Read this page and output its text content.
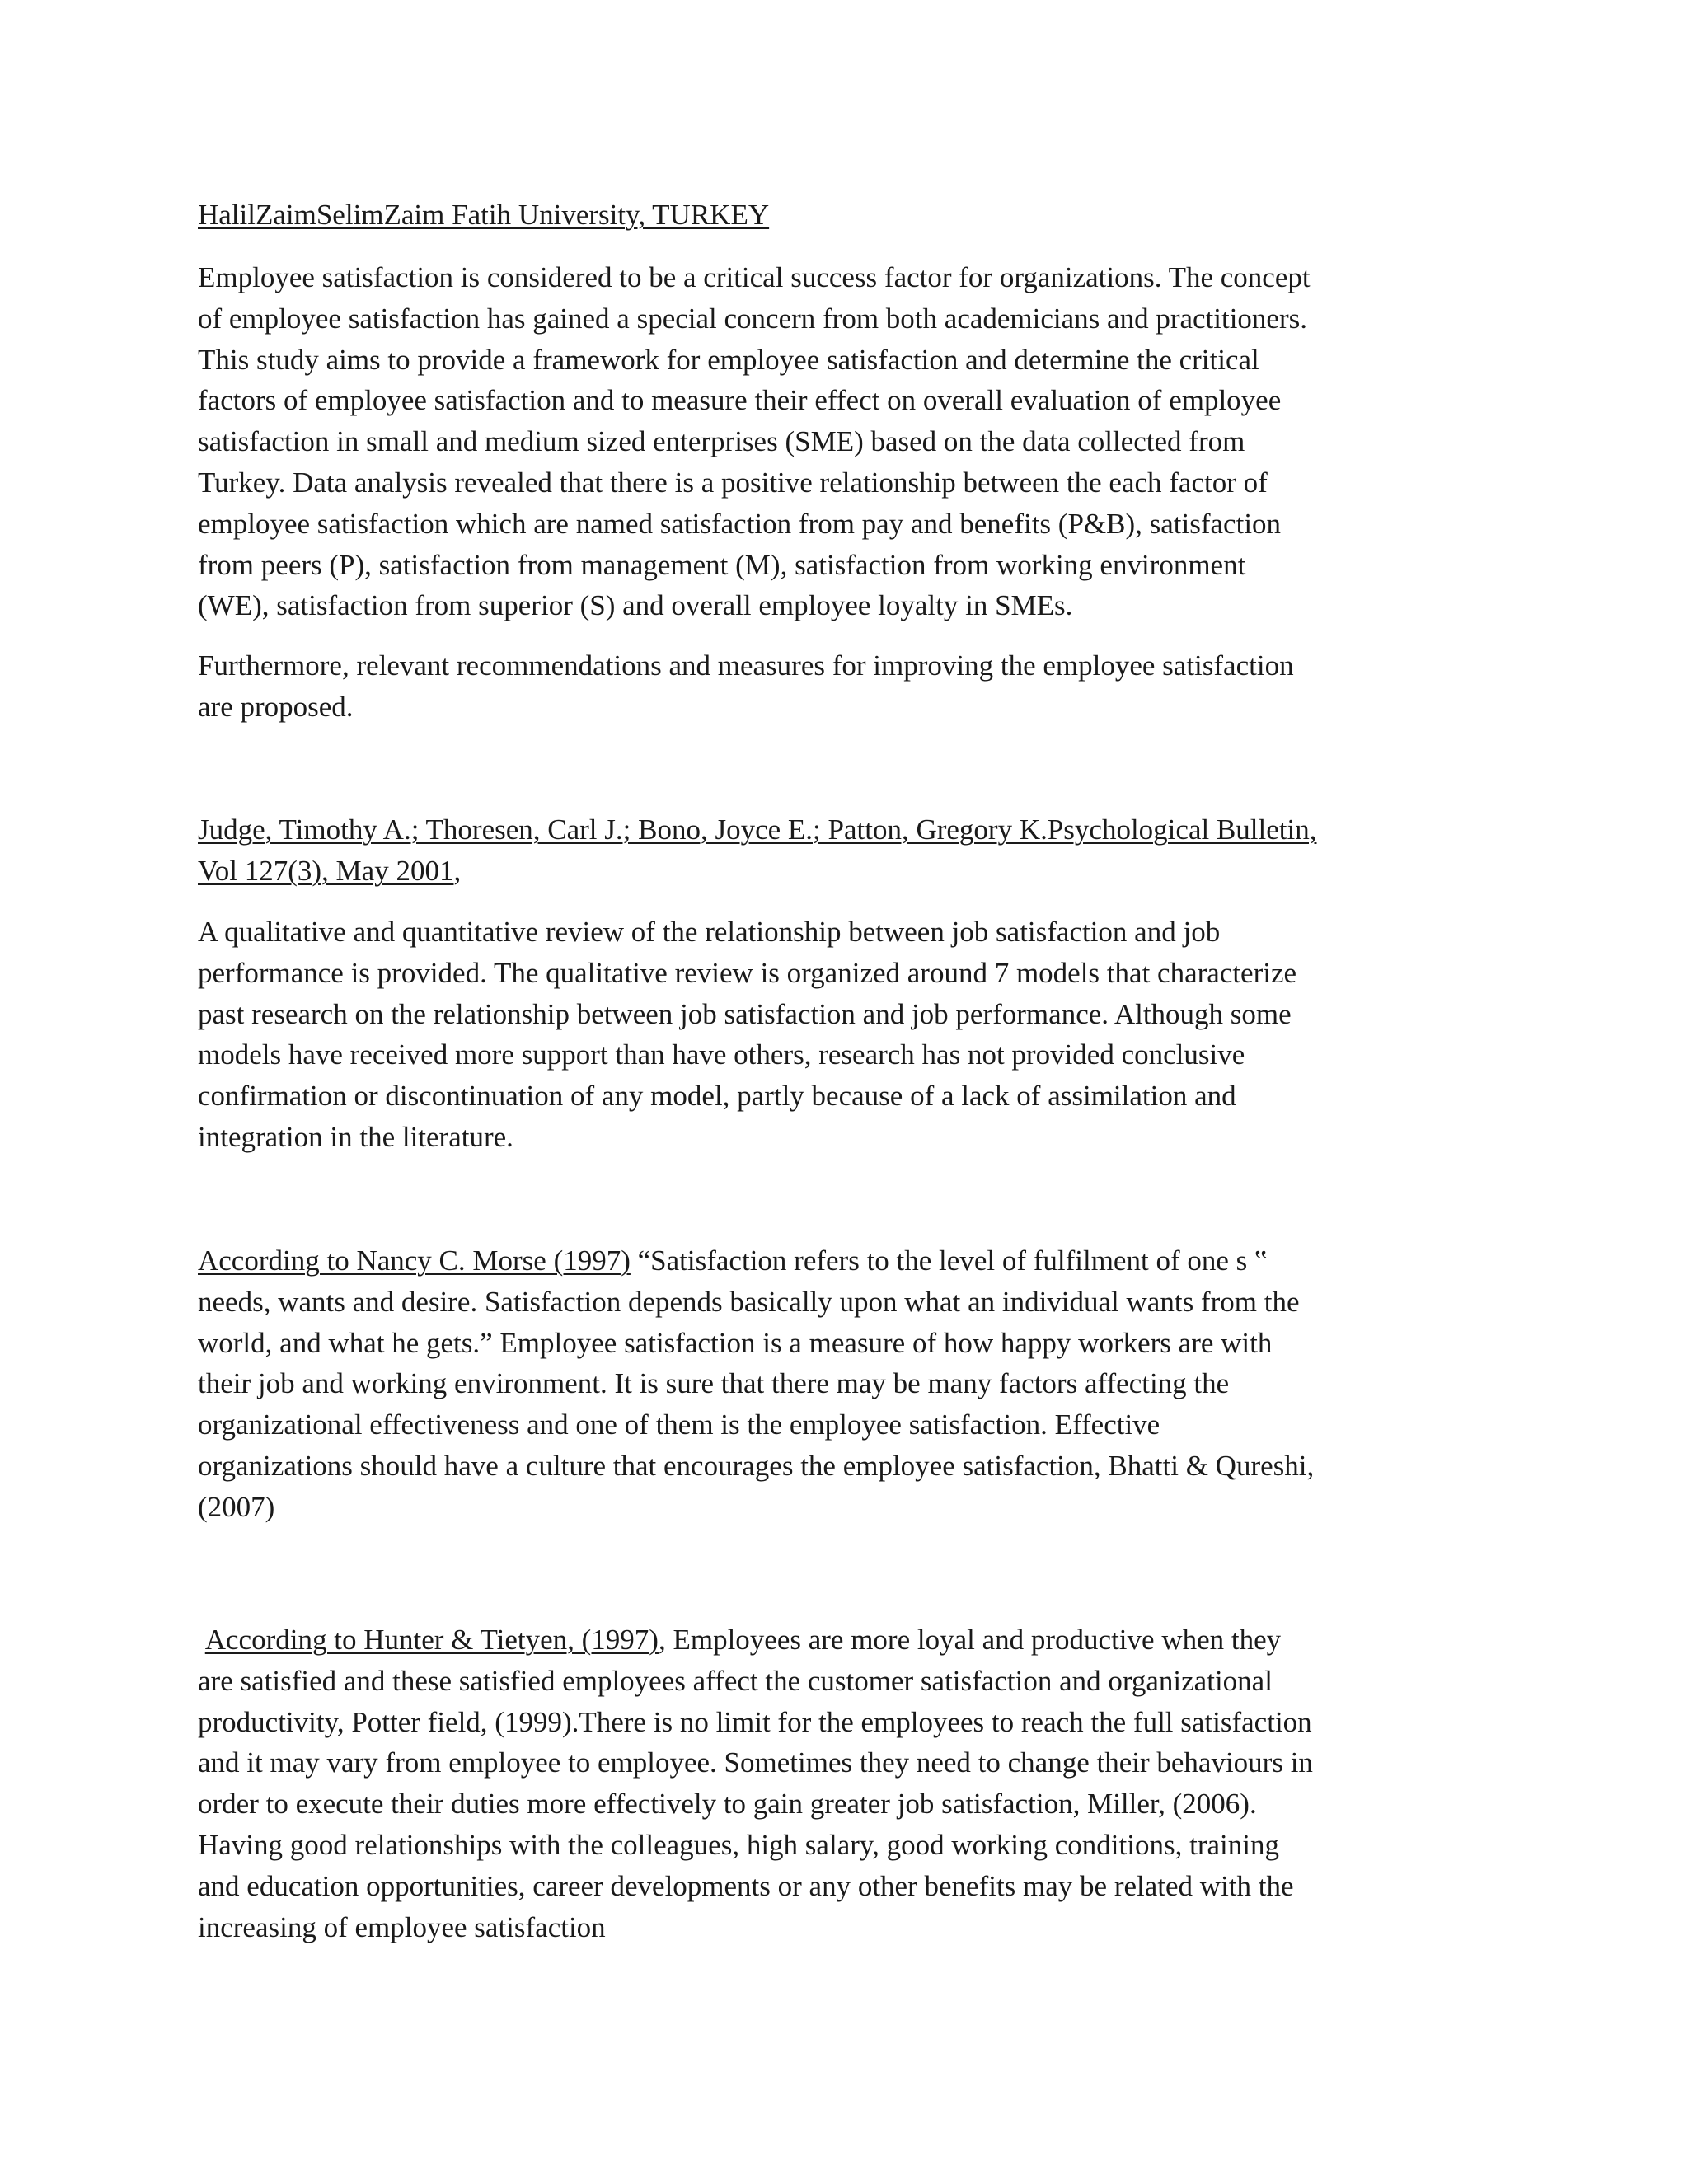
HalilZaimSelimZaim Fatih University, TURKEY

Employee satisfaction is considered to be a critical success factor for organizations. The concept
of employee satisfaction has gained a special concern from both academicians and practitioners.
This study aims to provide a framework for employee satisfaction and determine the critical
factors of employee satisfaction and to measure their effect on overall evaluation of employee
satisfaction in small and medium sized enterprises (SME) based on the data collected from
Turkey. Data analysis revealed that there is a positive relationship between the each factor of
employee satisfaction which are named satisfaction from pay and benefits (P&B), satisfaction
from peers (P), satisfaction from management (M), satisfaction from working environment
(WE), satisfaction from superior (S) and overall employee loyalty in SMEs.
Furthermore, relevant recommendations and measures for improving the employee satisfaction
are proposed.

Judge, Timothy A.; Thoresen, Carl J.; Bono, Joyce E.; Patton, Gregory K.Psychological Bulletin,

Vol 127(3), May 2001,

A qualitative and quantitative review of the relationship between job satisfaction and job
performance is provided. The qualitative review is organized around 7 models that characterize
past research on the relationship between job satisfaction and job performance. Although some
models have received more support than have others, research has not provided conclusive
confirmation or discontinuation of any model, partly because of a lack of assimilation and
integration in the literature.
According to Nancy C. Morse (1997) “Satisfaction refers to the level of fulfilment of one s ‟
needs, wants and desire. Satisfaction depends basically upon what an individual wants from the
world, and what he gets.” Employee satisfaction is a measure of how happy workers are with
their job and working environment. It is sure that there may be many factors affecting the
organizational effectiveness and one of them is the employee satisfaction. Effective
organizations should have a culture that encourages the employee satisfaction, Bhatti & Qureshi,
(2007)
According to Hunter & Tietyen, (1997), Employees are more loyal and productive when they
are satisfied and these satisfied employees affect the customer satisfaction and organizational
productivity, Potter field, (1999).There is no limit for the employees to reach the full satisfaction
and it may vary from employee to employee. Sometimes they need to change their behaviours in
order to execute their duties more effectively to gain greater job satisfaction, Miller, (2006).
Having good relationships with the colleagues, high salary, good working conditions, training
and education opportunities, career developments or any other benefits may be related with the
increasing of employee satisfaction
